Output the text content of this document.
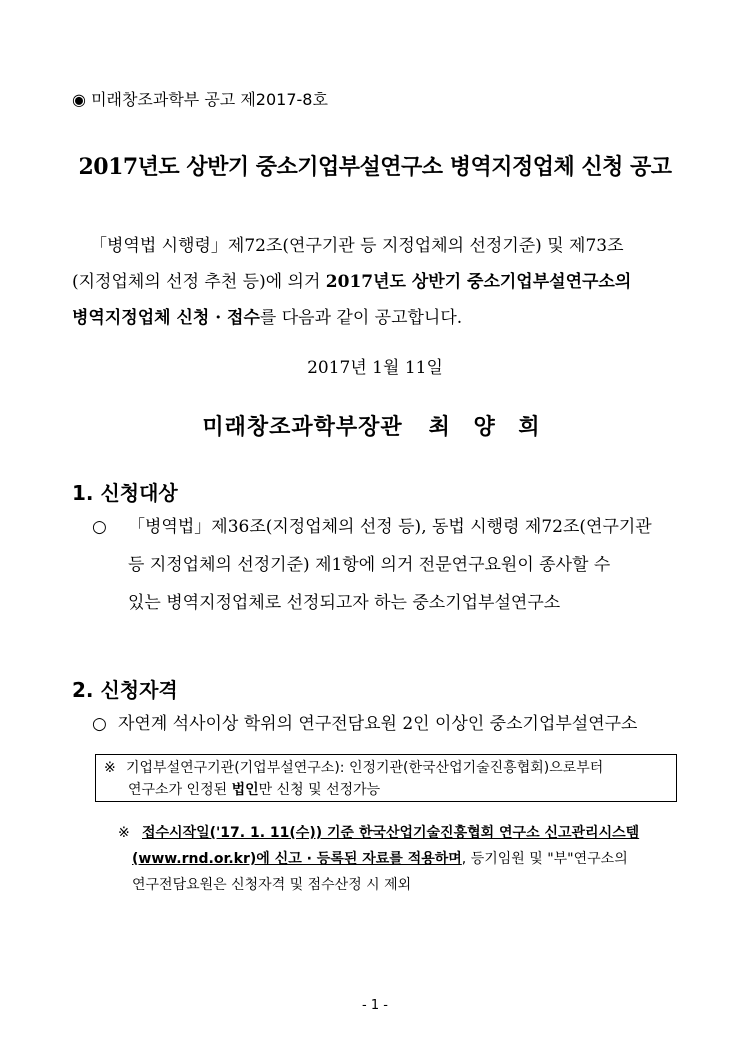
◉ 미래창조과학부 공고 제2017-8호
2017년도 상반기 중소기업부설연구소 병역지정업체 신청 공고
「병역법 시행령」제72조(연구기관 등 지정업체의 선정기준) 및 제73조
(지정업체의 선정 추천 등)에 의거 2017년도 상반기 중소기업부설연구소의
병역지정업체 신청 · 접수를 다음과 같이 공고합니다.
2017년 1월 11일
미래창조과학부장관 최 양 희
1. 신청대상
○	「병역법」제36조(지정업체의 선정 등), 동법 시행령 제72조(연구기관
등 지정업체의 선정기준) 제1항에 의거 전문연구요원이 종사할 수
있는 병역지정업체로 선정되고자 하는 중소기업부설연구소
2. 신청자격
○ 자연계 석사이상 학위의 연구전담요원 2인 이상인 중소기업부설연구소
※ 기업부설연구기관(기업부설연구소): 인정기관(한국산업기술진흥협회)으로부터
연구소가 인정된 법인만 신청 및 선정가능
※ 접수시작일('17. 1. 11(수)) 기준 한국산업기술진흥협회 연구소 신고관리시스템
(www.rnd.or.kr)에 신고 · 등록된 자료를 적용하며, 등기임원 및 "부"연구소의
연구전담요원은 신청자격 및 점수산정 시 제외
- 1 -
